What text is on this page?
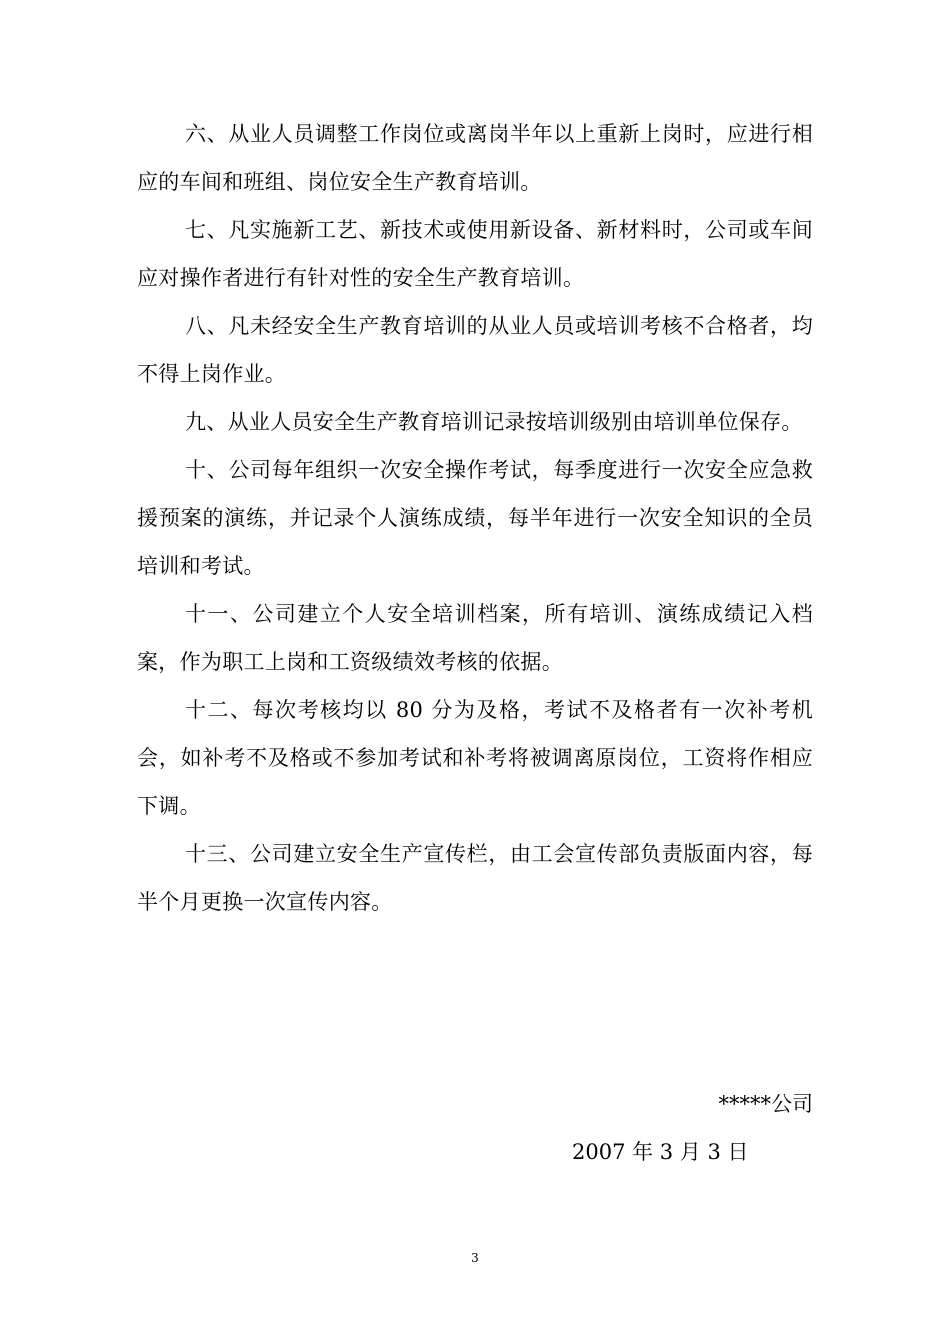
六、从业人员调整工作岗位或离岗半年以上重新上岗时，应进行相应的车间和班组、岗位安全生产教育培训。

七、凡实施新工艺、新技术或使用新设备、新材料时，公司或车间应对操作者进行有针对性的安全生产教育培训。

八、凡未经安全生产教育培训的从业人员或培训考核不合格者，均不得上岗作业。

九、从业人员安全生产教育培训记录按培训级别由培训单位保存。

十、公司每年组织一次安全操作考试，每季度进行一次安全应急救援预案的演练，并记录个人演练成绩，每半年进行一次安全知识的全员培训和考试。

十一、公司建立个人安全培训档案，所有培训、演练成绩记入档案，作为职工上岗和工资级绩效考核的依据。

十二、每次考核均以 80 分为及格，考试不及格者有一次补考机会，如补考不及格或不参加考试和补考将被调离原岗位，工资将作相应下调。

十三、公司建立安全生产宣传栏，由工会宣传部负责版面内容，每半个月更换一次宣传内容。

*****公司
2007 年 3 月 3 日
3
